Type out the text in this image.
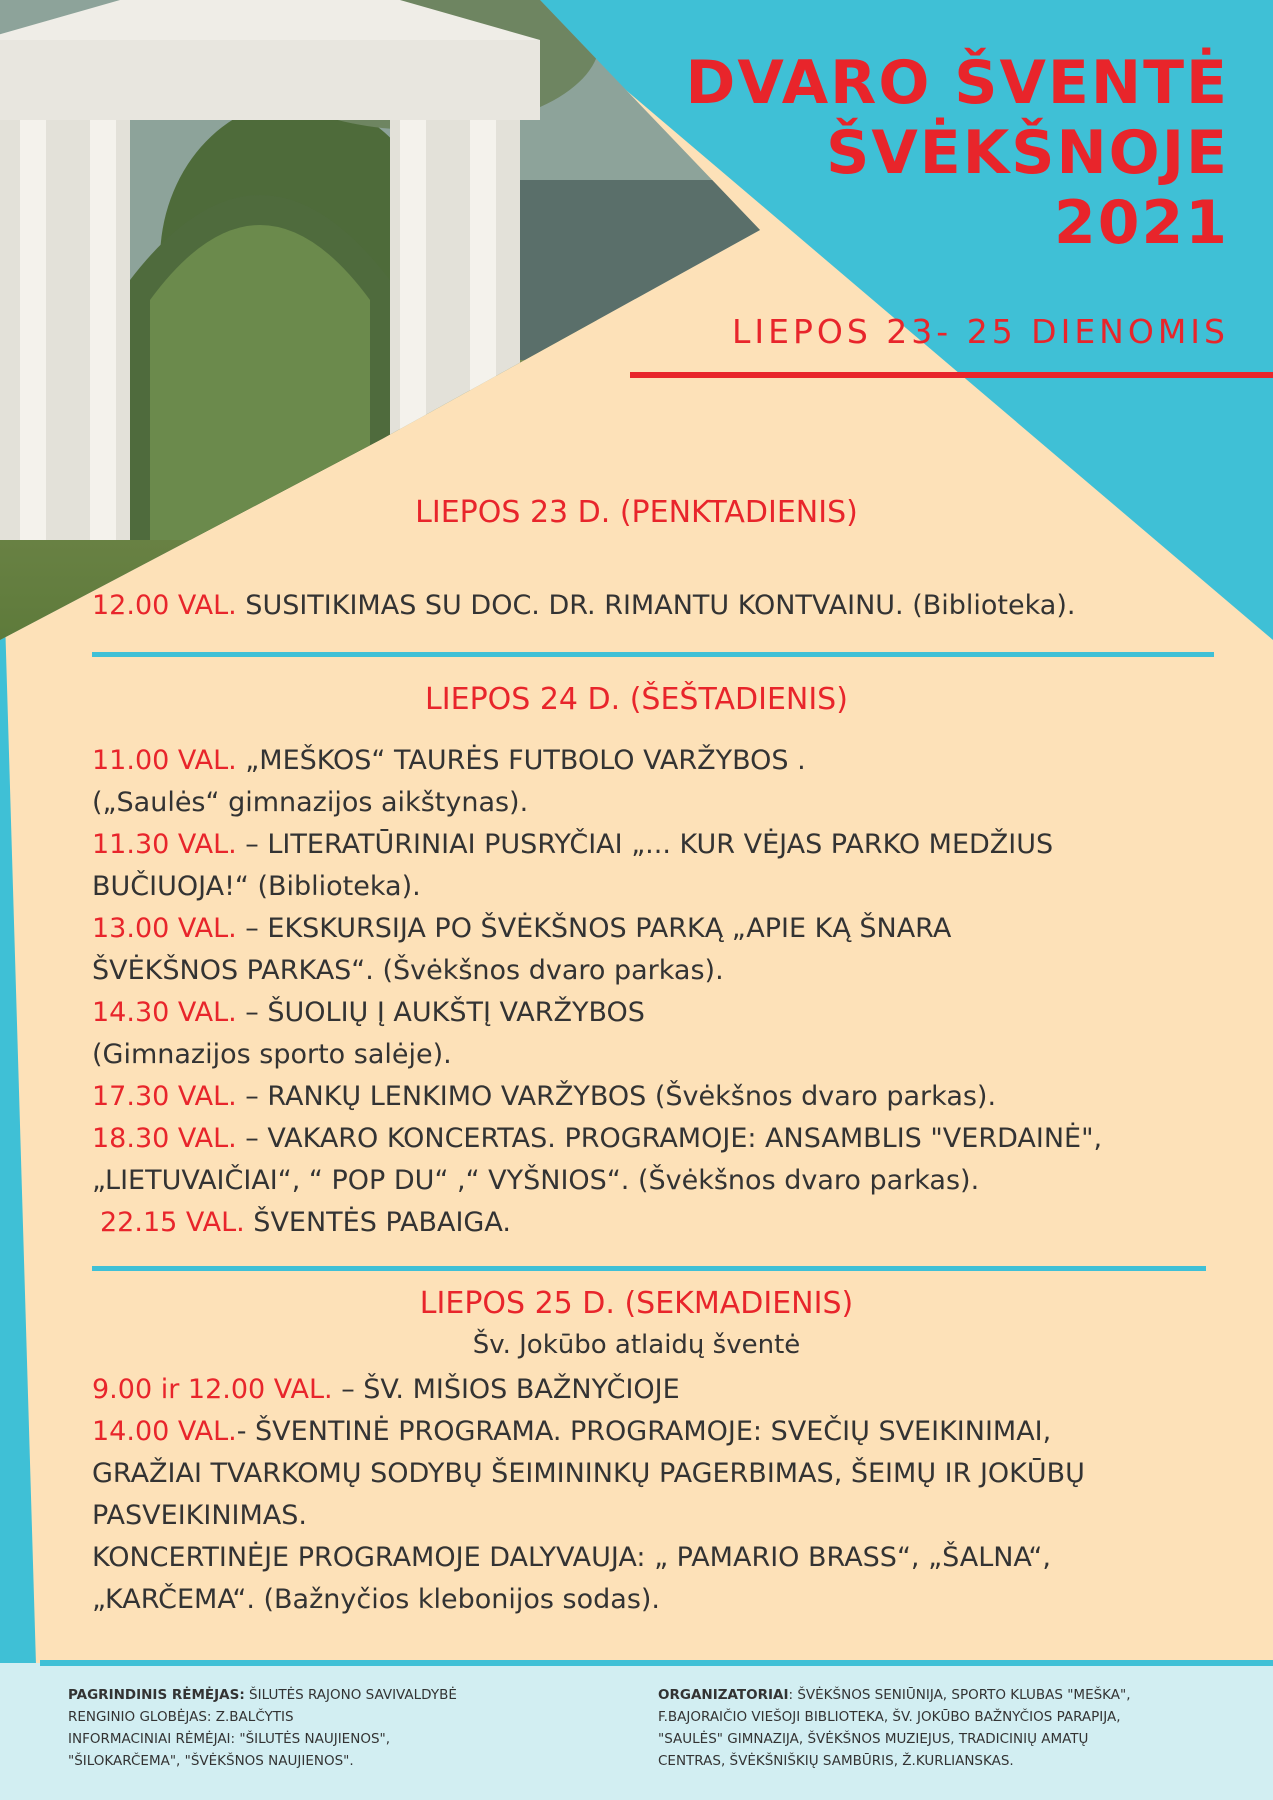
DVARO ŠVENTĖ
ŠVĖKŠNOJE
2021
LIEPOS 23- 25 DIENOMIS
LIEPOS 23 D. (PENKTADIENIS)
12.00 VAL. SUSITIKIMAS SU DOC. DR. RIMANTU KONTVAINU. (Biblioteka).
LIEPOS 24 D. (ŠEŠTADIENIS)
11.00 VAL. „MEŠKOS“ TAURĖS FUTBOLO VARŽYBOS .
(„Saulės“ gimnazijos aikštynas).
11.30 VAL. – LITERATŪRINIAI PUSRYČIAI „... KUR VĖJAS PARKO MEDŽIUS
BUČIUOJA!“ (Biblioteka).
13.00 VAL. – EKSKURSIJA PO ŠVĖKŠNOS PARKĄ „APIE KĄ ŠNARA
ŠVĖKŠNOS PARKAS“. (Švėkšnos dvaro parkas).
14.30 VAL. – ŠUOLIŲ Į AUKŠTĮ VARŽYBOS
(Gimnazijos sporto salėje).
17.30 VAL. – RANKŲ LENKIMO VARŽYBOS (Švėkšnos dvaro parkas).
18.30 VAL. – VAKARO KONCERTAS. PROGRAMOJE: ANSAMBLIS "VERDAINĖ",
„LIETUVAIČIAI“, “ POP DU“ ,“ VYŠNIOS“. (Švėkšnos dvaro parkas).
22.15 VAL. ŠVENTĖS PABAIGA.
LIEPOS 25 D. (SEKMADIENIS)
Šv. Jokūbo atlaidų šventė
9.00 ir 12.00 VAL. – ŠV. MIŠIOS BAŽNYČIOJE
14.00 VAL.- ŠVENTINĖ PROGRAMA. PROGRAMOJE: SVEČIŲ SVEIKINIMAI,
GRAŽIAI TVARKOMŲ SODYBŲ ŠEIMININKŲ PAGERBIMAS, ŠEIMŲ IR JOKŪBŲ
PASVEIKINIMAS.
KONCERTINĖJE PROGRAMOJE DALYVAUJA: „ PAMARIO BRASS“, „ŠALNA“,
„KARČEMA“. (Bažnyčios klebonijos sodas).
PAGRINDINIS RĖMĖJAS: ŠILUTĖS RAJONO SAVIVALDYBĖ
RENGINIO GLOBĖJAS: Z.BALČYTIS
INFORMACINIAI RĖMĖJAI: "ŠILUTĖS NAUJIENOS",
"ŠILOKARČEMA", "ŠVĖKŠNOS NAUJIENOS".
ORGANIZATORIAI: ŠVĖKŠNOS SENIŪNIJA, SPORTO KLUBAS "MEŠKA",
F.BAJORAIČIO VIEŠOJI BIBLIOTEKA, ŠV. JOKŪBO BAŽNYČIOS PARAPIJA,
"SAULĖS" GIMNAZIJA, ŠVĖKŠNOS MUZIEJUS, TRADICINIŲ AMATŲ
CENTRAS, ŠVĖKŠNIŠKIŲ SAMBŪRIS, Ž.KURLIANSKAS.
